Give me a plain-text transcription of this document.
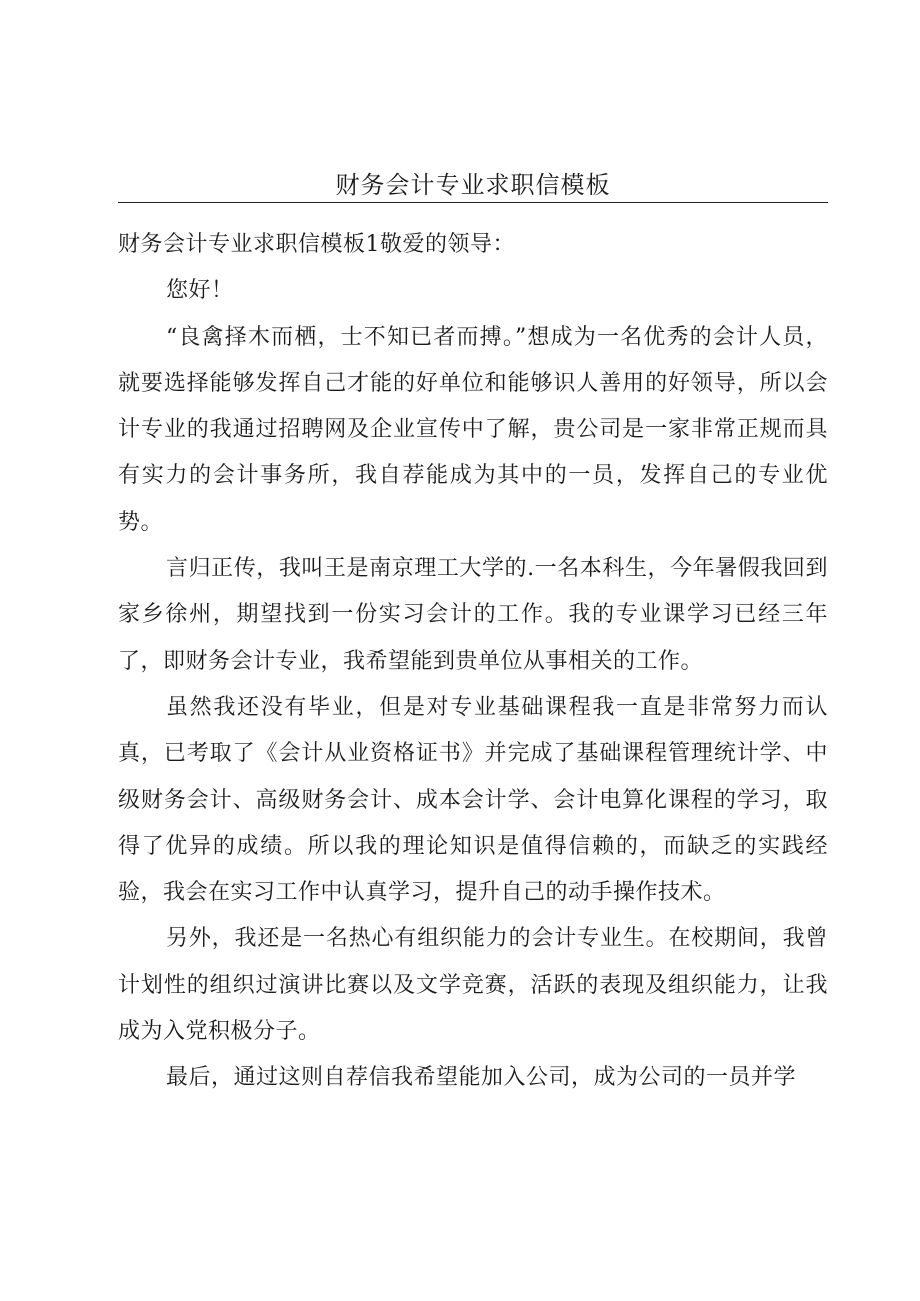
财务会计专业求职信模板

财务会计专业求职信模板1敬爱的领导：

您好！

“良禽择木而栖，士不知已者而搏。”想成为一名优秀的会计人员，就要选择能够发挥自己才能的好单位和能够识人善用的好领导，所以会计专业的我通过招聘网及企业宣传中了解，贵公司是一家非常正规而具有实力的会计事务所，我自荐能成为其中的一员，发挥自己的专业优势。

言归正传，我叫王是南京理工大学的.一名本科生，今年暑假我回到家乡徐州，期望找到一份实习会计的工作。我的专业课学习已经三年了，即财务会计专业，我希望能到贵单位从事相关的工作。

虽然我还没有毕业，但是对专业基础课程我一直是非常努力而认真，已考取了《会计从业资格证书》并完成了基础课程管理统计学、中级财务会计、高级财务会计、成本会计学、会计电算化课程的学习，取得了优异的成绩。所以我的理论知识是值得信赖的，而缺乏的实践经验，我会在实习工作中认真学习，提升自己的动手操作技术。

另外，我还是一名热心有组织能力的会计专业生。在校期间，我曾计划性的组织过演讲比赛以及文学竞赛，活跃的表现及组织能力，让我成为入党积极分子。

最后，通过这则自荐信我希望能加入公司，成为公司的一员并学
